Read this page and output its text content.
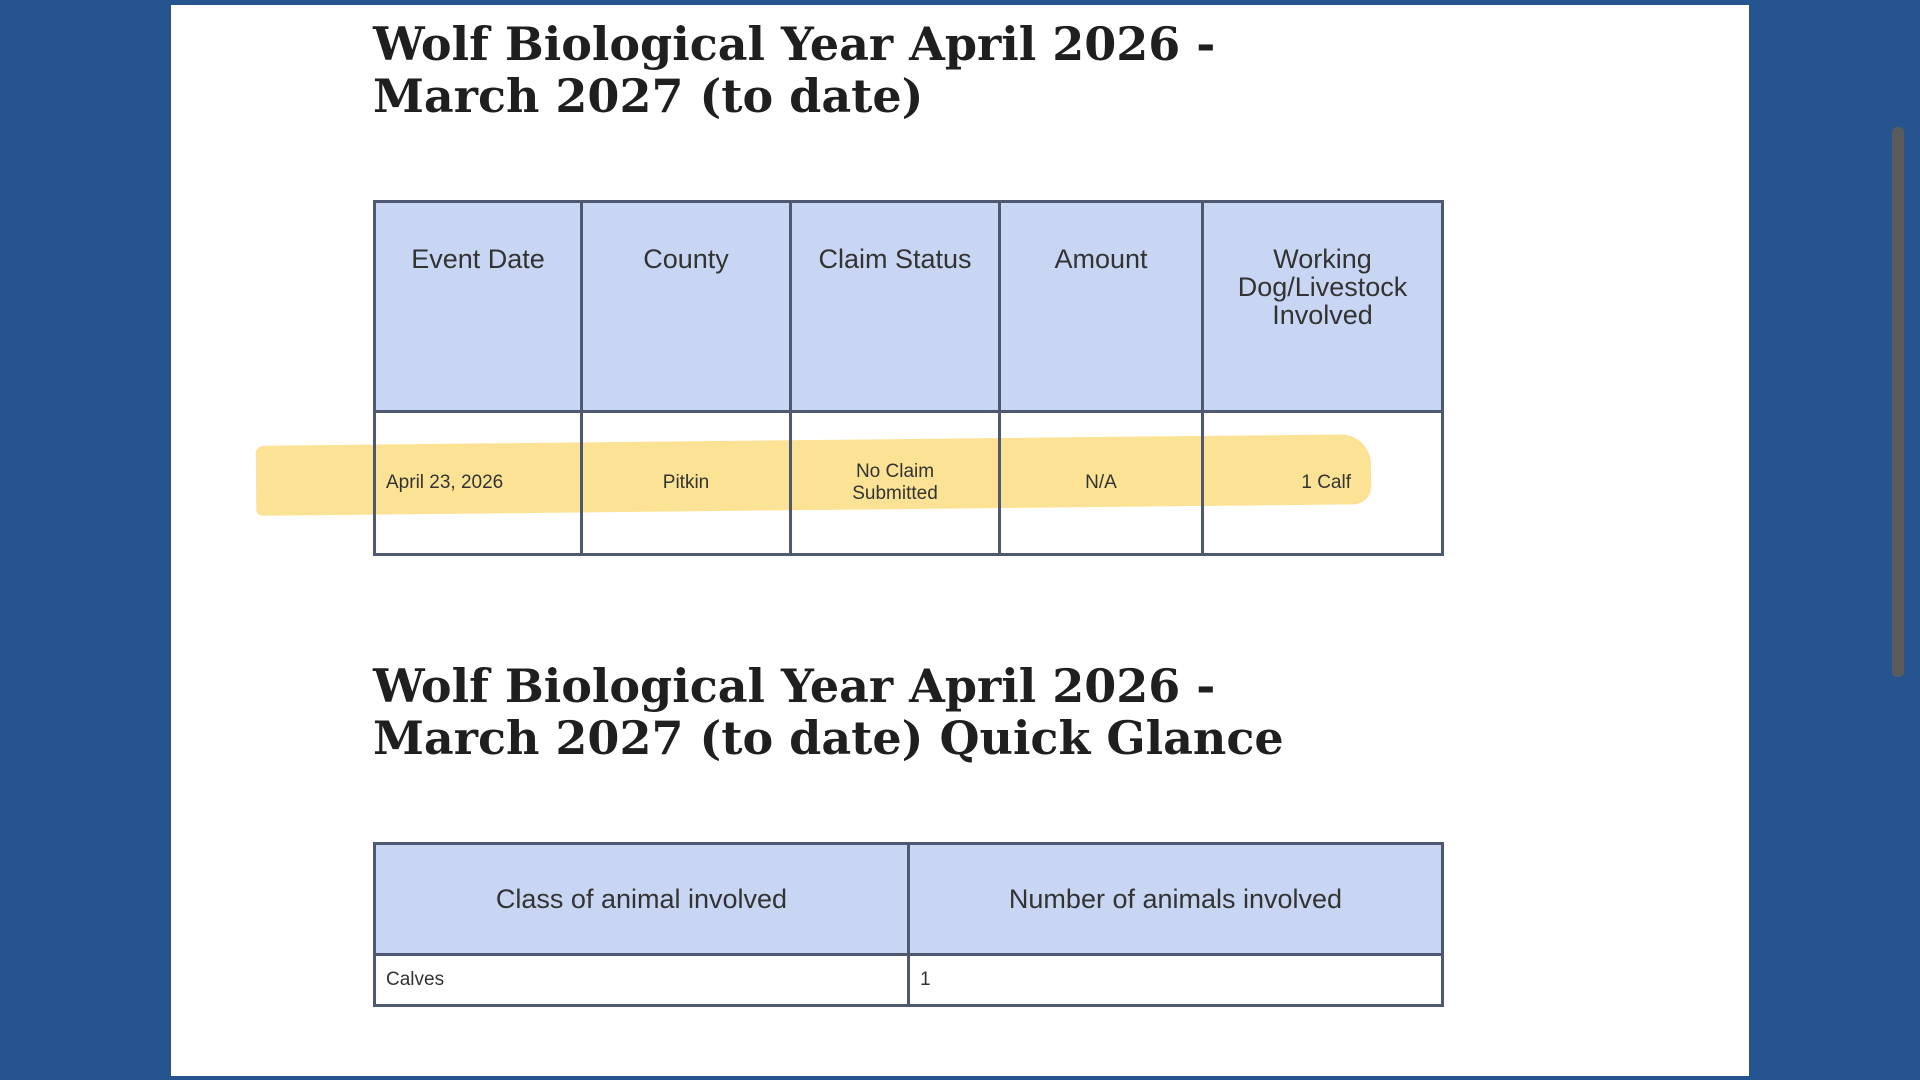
Wolf Biological Year April 2026 - March 2027 (to date)
Event Date	County	Claim Status	Amount	Working Dog/Livestock Involved
April 23, 2026	Pitkin	No Claim Submitted	N/A	1 Calf
Wolf Biological Year April 2026 - March 2027 (to date) Quick Glance
Class of animal involved	Number of animals involved
Calves	1
